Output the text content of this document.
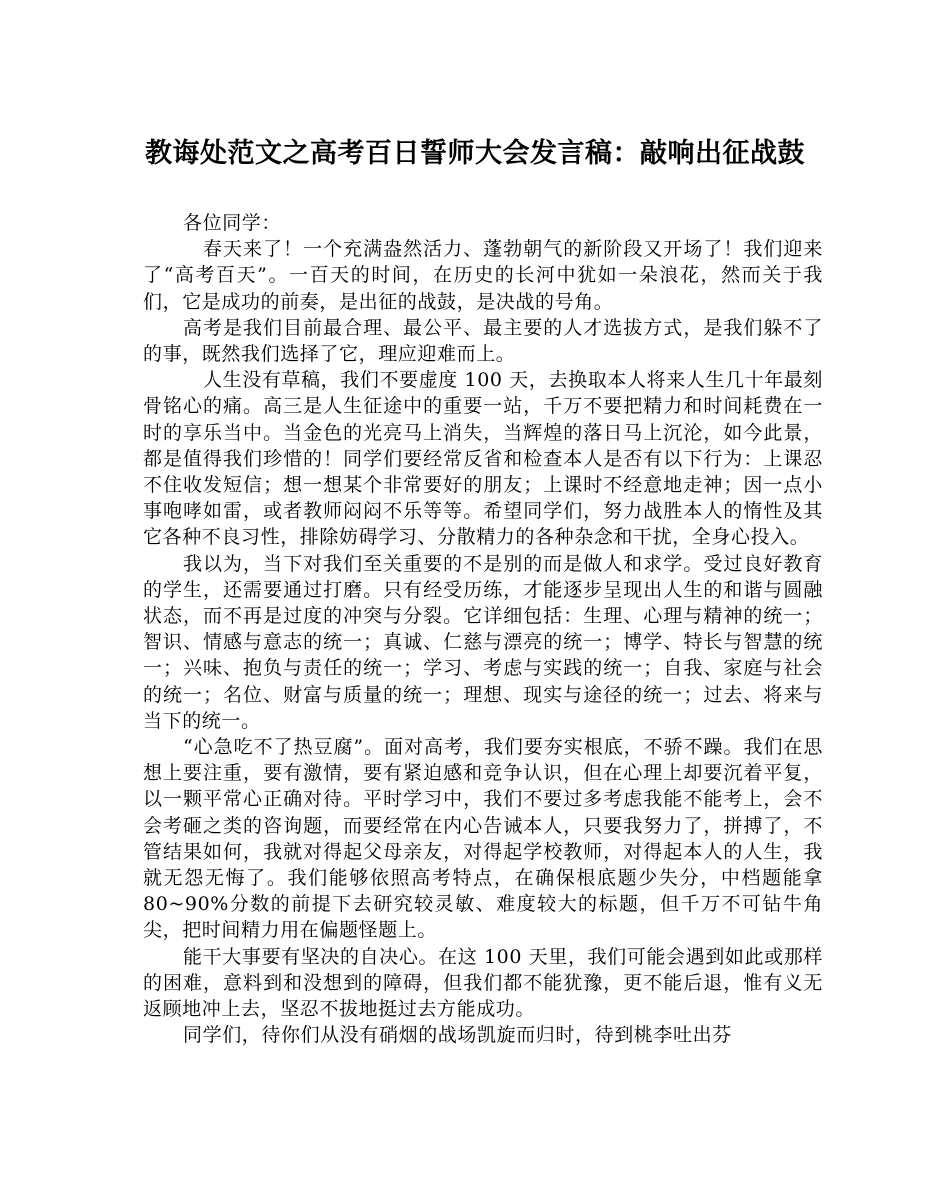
教诲处范文之高考百日誓师大会发言稿：敲响出征战鼓

各位同学：

春天来了！一个充满盎然活力、蓬勃朝气的新阶段又开场了！我们迎来了“高考百天”。一百天的时间，在历史的长河中犹如一朵浪花，然而关于我们，它是成功的前奏，是出征的战鼓，是决战的号角。

高考是我们目前最合理、最公平、最主要的人才选拔方式，是我们躲不了的事，既然我们选择了它，理应迎难而上。

人生没有草稿，我们不要虚度 100 天，去换取本人将来人生几十年最刻骨铭心的痛。高三是人生征途中的重要一站，千万不要把精力和时间耗费在一时的享乐当中。当金色的光亮马上消失，当辉煌的落日马上沉沦，如今此景，都是值得我们珍惜的！同学们要经常反省和检查本人是否有以下行为：上课忍不住收发短信；想一想某个非常要好的朋友；上课时不经意地走神；因一点小事咆哮如雷，或者教师闷闷不乐等等。希望同学们，努力战胜本人的惰性及其它各种不良习性，排除妨碍学习、分散精力的各种杂念和干扰，全身心投入。

我以为，当下对我们至关重要的不是别的而是做人和求学。受过良好教育的学生，还需要通过打磨。只有经受历练，才能逐步呈现出人生的和谐与圆融状态，而不再是过度的冲突与分裂。它详细包括：生理、心理与精神的统一；智识、情感与意志的统一；真诚、仁慈与漂亮的统一；博学、特长与智慧的统一；兴味、抱负与责任的统一；学习、考虑与实践的统一；自我、家庭与社会的统一；名位、财富与质量的统一；理想、现实与途径的统一；过去、将来与当下的统一。

“心急吃不了热豆腐”。面对高考，我们要夯实根底，不骄不躁。我们在思想上要注重，要有激情，要有紧迫感和竞争认识，但在心理上却要沉着平复，以一颗平常心正确对待。平时学习中，我们不要过多考虑我能不能考上，会不会考砸之类的咨询题，而要经常在内心告诫本人，只要我努力了，拼搏了，不管结果如何，我就对得起父母亲友，对得起学校教师，对得起本人的人生，我就无怨无悔了。我们能够依照高考特点，在确保根底题少失分，中档题能拿 80~90%分数的前提下去研究较灵敏、难度较大的标题，但千万不可钻牛角尖，把时间精力用在偏题怪题上。

能干大事要有坚决的自决心。在这 100 天里，我们可能会遇到如此或那样的困难，意料到和没想到的障碍，但我们都不能犹豫，更不能后退，惟有义无返顾地冲上去，坚忍不拔地挺过去方能成功。

同学们，待你们从没有硝烟的战场凯旋而归时，待到桃李吐出芬
